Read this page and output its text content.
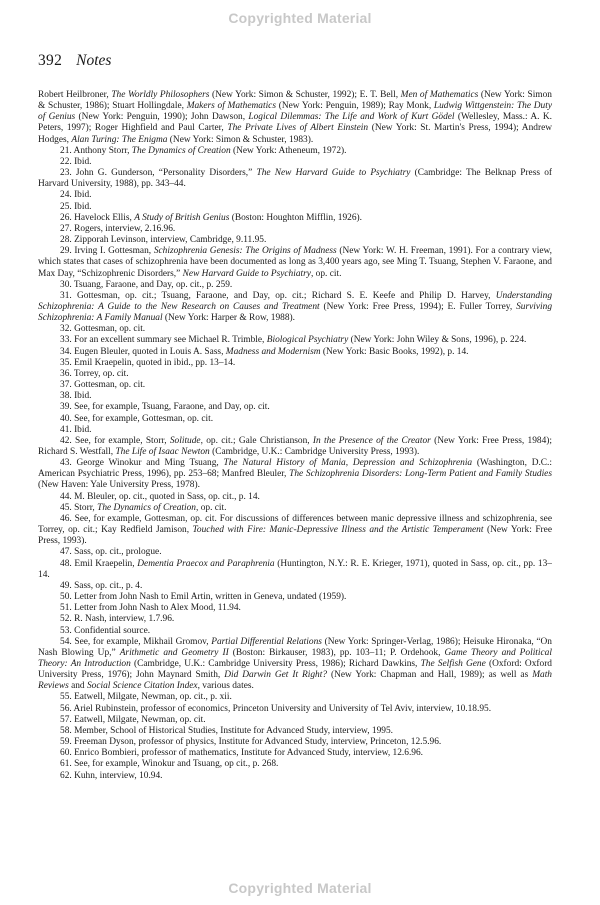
Copyrighted Material
392 Notes

Robert Heilbroner, The Worldly Philosophers (New York: Simon & Schuster, 1992); E. T. Bell, Men of Mathematics (New York: Simon & Schuster, 1986); Stuart Hollingdale, Makers of Mathematics (New York: Penguin, 1989); Ray Monk, Ludwig Wittgenstein: The Duty of Genius (New York: Penguin, 1990); John Dawson, Logical Dilemmas: The Life and Work of Kurt Gödel (Wellesley, Mass.: A. K. Peters, 1997); Roger Highfield and Paul Carter, The Private Lives of Albert Einstein (New York: St. Martin's Press, 1994); Andrew Hodges, Alan Turing: The Enigma (New York: Simon & Schuster, 1983).

21. Anthony Storr, The Dynamics of Creation (New York: Atheneum, 1972).

22. Ibid.

23. John G. Gunderson, “Personality Disorders,” The New Harvard Guide to Psychiatry (Cambridge: The Belknap Press of Harvard University, 1988), pp. 343–44.

24. Ibid.

25. Ibid.

26. Havelock Ellis, A Study of British Genius (Boston: Houghton Mifflin, 1926).

27. Rogers, interview, 2.16.96.

28. Zipporah Levinson, interview, Cambridge, 9.11.95.

29. Irving I. Gottesman, Schizophrenia Genesis: The Origins of Madness (New York: W. H. Freeman, 1991). For a contrary view, which states that cases of schizophrenia have been documented as long as 3,400 years ago, see Ming T. Tsuang, Stephen V. Faraone, and Max Day, “Schizophrenic Disorders,” New Harvard Guide to Psychiatry, op. cit.

30. Tsuang, Faraone, and Day, op. cit., p. 259.

31. Gottesman, op. cit.; Tsuang, Faraone, and Day, op. cit.; Richard S. E. Keefe and Philip D. Harvey, Understanding Schizophrenia: A Guide to the New Research on Causes and Treatment (New York: Free Press, 1994); E. Fuller Torrey, Surviving Schizophrenia: A Family Manual (New York: Harper & Row, 1988).

32. Gottesman, op. cit.

33. For an excellent summary see Michael R. Trimble, Biological Psychiatry (New York: John Wiley & Sons, 1996), p. 224.

34. Eugen Bleuler, quoted in Louis A. Sass, Madness and Modernism (New York: Basic Books, 1992), p. 14.

35. Emil Kraepelin, quoted in ibid., pp. 13–14.

36. Torrey, op. cit.

37. Gottesman, op. cit.

38. Ibid.

39. See, for example, Tsuang, Faraone, and Day, op. cit.

40. See, for example, Gottesman, op. cit.

41. Ibid.

42. See, for example, Storr, Solitude, op. cit.; Gale Christianson, In the Presence of the Creator (New York: Free Press, 1984); Richard S. Westfall, The Life of Isaac Newton (Cambridge, U.K.: Cambridge University Press, 1993).

43. George Winokur and Ming Tsuang, The Natural History of Mania, Depression and Schizophrenia (Washington, D.C.: American Psychiatric Press, 1996), pp. 253–68; Manfred Bleuler, The Schizophrenia Disorders: Long-Term Patient and Family Studies (New Haven: Yale University Press, 1978).

44. M. Bleuler, op. cit., quoted in Sass, op. cit., p. 14.

45. Storr, The Dynamics of Creation, op. cit.

46. See, for example, Gottesman, op. cit. For discussions of differences between manic depressive illness and schizophrenia, see Torrey, op. cit.; Kay Redfield Jamison, Touched with Fire: Manic-Depressive Illness and the Artistic Temperament (New York: Free Press, 1993).

47. Sass, op. cit., prologue.

48. Emil Kraepelin, Dementia Praecox and Paraphrenia (Huntington, N.Y.: R. E. Krieger, 1971), quoted in Sass, op. cit., pp. 13–14.

49. Sass, op. cit., p. 4.

50. Letter from John Nash to Emil Artin, written in Geneva, undated (1959).

51. Letter from John Nash to Alex Mood, 11.94.

52. R. Nash, interview, 1.7.96.

53. Confidential source.

54. See, for example, Mikhail Gromov, Partial Differential Relations (New York: Springer-Verlag, 1986); Heisuke Hironaka, “On Nash Blowing Up,” Arithmetic and Geometry II (Boston: Birkauser, 1983), pp. 103–11; P. Ordehook, Game Theory and Political Theory: An Introduction (Cambridge, U.K.: Cambridge University Press, 1986); Richard Dawkins, The Selfish Gene (Oxford: Oxford University Press, 1976); John Maynard Smith, Did Darwin Get It Right? (New York: Chapman and Hall, 1989); as well as Math Reviews and Social Science Citation Index, various dates.

55. Eatwell, Milgate, Newman, op. cit., p. xii.

56. Ariel Rubinstein, professor of economics, Princeton University and University of Tel Aviv, interview, 10.18.95.

57. Eatwell, Milgate, Newman, op. cit.

58. Member, School of Historical Studies, Institute for Advanced Study, interview, 1995.

59. Freeman Dyson, professor of physics, Institute for Advanced Study, interview, Princeton, 12.5.96.

60. Enrico Bombieri, professor of mathematics, Institute for Advanced Study, interview, 12.6.96.

61. See, for example, Winokur and Tsuang, op cit., p. 268.

62. Kuhn, interview, 10.94.

Copyrighted Material
